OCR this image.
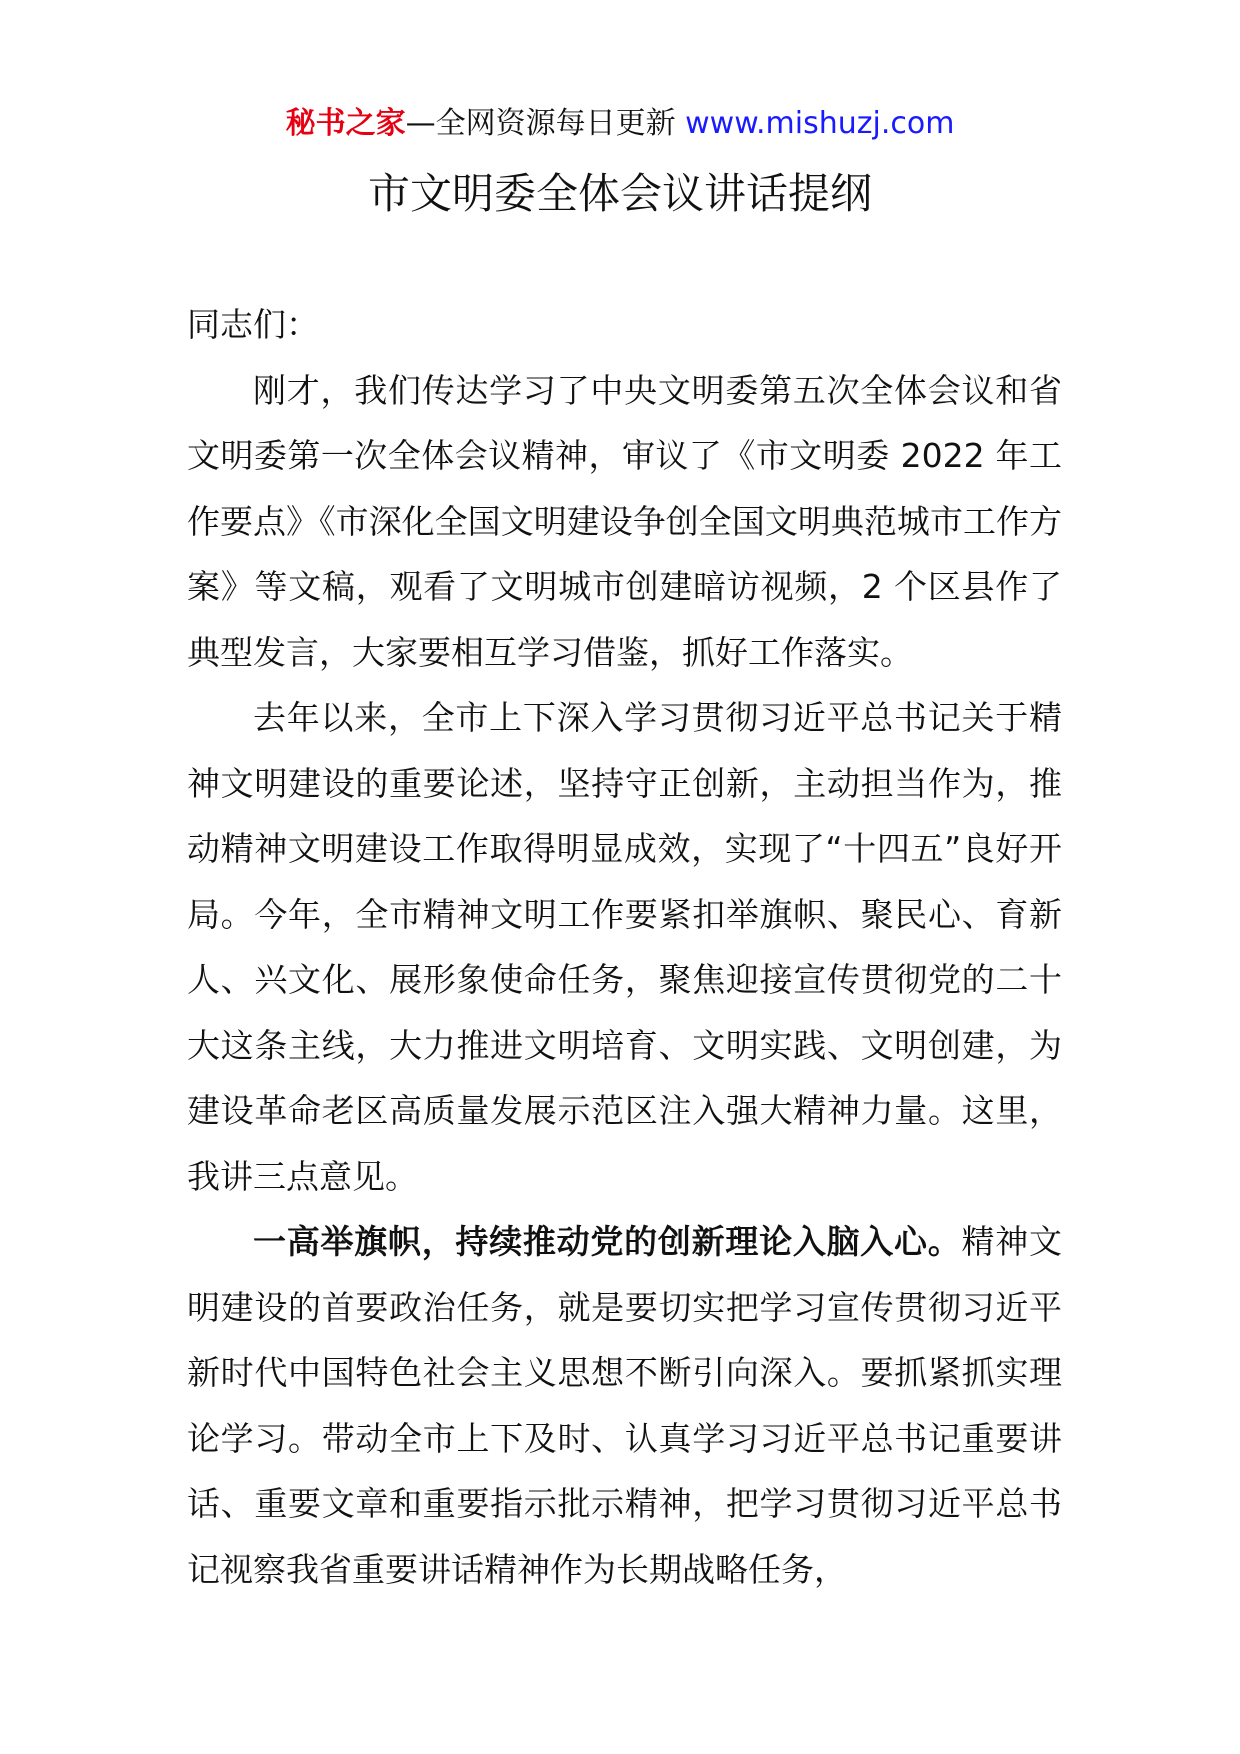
秘书之家—全网资源每日更新 www.mishuzj.com
市文明委全体会议讲话提纲

同志们：

刚才，我们传达学习了中央文明委第五次全体会议和省文明委第一次全体会议精神，审议了《市文明委 2022 年工作要点》《市深化全国文明建设争创全国文明典范城市工作方案》等文稿，观看了文明城市创建暗访视频，2 个区县作了典型发言，大家要相互学习借鉴，抓好工作落实。

去年以来，全市上下深入学习贯彻习近平总书记关于精神文明建设的重要论述，坚持守正创新，主动担当作为，推动精神文明建设工作取得明显成效，实现了“十四五”良好开局。今年，全市精神文明工作要紧扣举旗帜、聚民心、育新人、兴文化、展形象使命任务，聚焦迎接宣传贯彻党的二十大这条主线，大力推进文明培育、文明实践、文明创建，为建设革命老区高质量发展示范区注入强大精神力量。这里，我讲三点意见。

一高举旗帜，持续推动党的创新理论入脑入心。精神文明建设的首要政治任务，就是要切实把学习宣传贯彻习近平新时代中国特色社会主义思想不断引向深入。要抓紧抓实理论学习。带动全市上下及时、认真学习习近平总书记重要讲话、重要文章和重要指示批示精神，把学习贯彻习近平总书记视察我省重要讲话精神作为长期战略任务，
